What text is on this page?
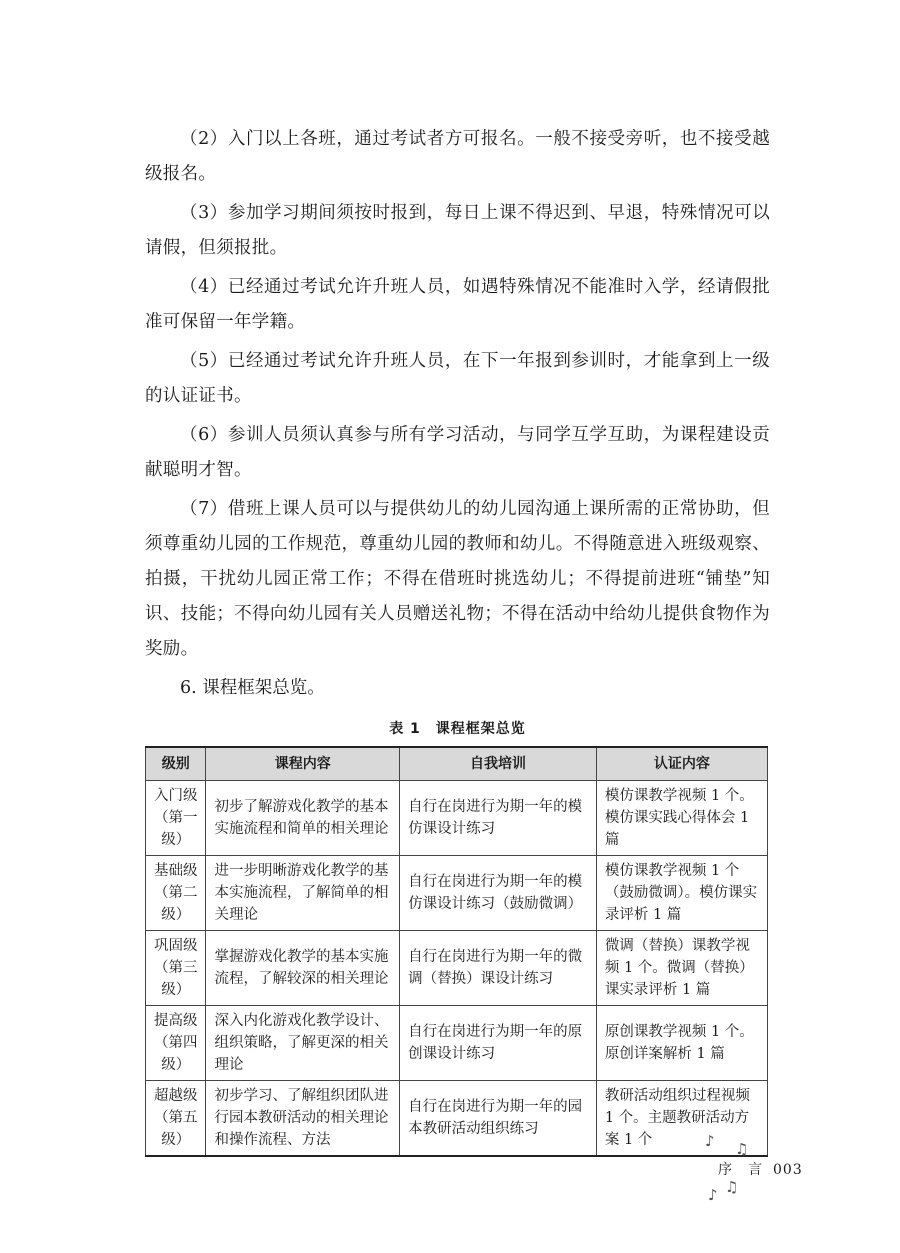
（2）入门以上各班，通过考试者方可报名。一般不接受旁听，也不接受越级报名。

（3）参加学习期间须按时报到，每日上课不得迟到、早退，特殊情况可以请假，但须报批。

（4）已经通过考试允许升班人员，如遇特殊情况不能准时入学，经请假批准可保留一年学籍。

（5）已经通过考试允许升班人员，在下一年报到参训时，才能拿到上一级的认证证书。

（6）参训人员须认真参与所有学习活动，与同学互学互助，为课程建设贡献聪明才智。

（7）借班上课人员可以与提供幼儿的幼儿园沟通上课所需的正常协助，但须尊重幼儿园的工作规范，尊重幼儿园的教师和幼儿。不得随意进入班级观察、拍摄，干扰幼儿园正常工作；不得在借班时挑选幼儿；不得提前进班“铺垫”知识、技能；不得向幼儿园有关人员赠送礼物；不得在活动中给幼儿提供食物作为奖励。

6. 课程框架总览。

表 1　课程框架总览
级别	课程内容	自我培训	认证内容
入门级
（第一级）	初步了解游戏化教学的基本实施流程和简单的相关理论	自行在岗进行为期一年的模仿课设计练习	模仿课教学视频 1 个。模仿课实践心得体会 1 篇
基础级
（第二级）	进一步明晰游戏化教学的基本实施流程，了解简单的相关理论	自行在岗进行为期一年的模仿课设计练习（鼓励微调）	模仿课教学视频 1 个（鼓励微调）。模仿课实录评析 1 篇
巩固级
（第三级）	掌握游戏化教学的基本实施流程，了解较深的相关理论	自行在岗进行为期一年的微调（替换）课设计练习	微调（替换）课教学视频 1 个。微调（替换）课实录评析 1 篇
提高级
（第四级）	深入内化游戏化教学设计、组织策略，了解更深的相关理论	自行在岗进行为期一年的原创课设计练习	原创课教学视频 1 个。原创详案解析 1 篇
超越级
（第五级）	初步学习、了解组织团队进行园本教研活动的相关理论和操作流程、方法	自行在岗进行为期一年的园本教研活动组织练习	教研活动组织过程视频 1 个。主题教研活动方案 1 个	♪ ♫
♪ ♫
序　言 003
